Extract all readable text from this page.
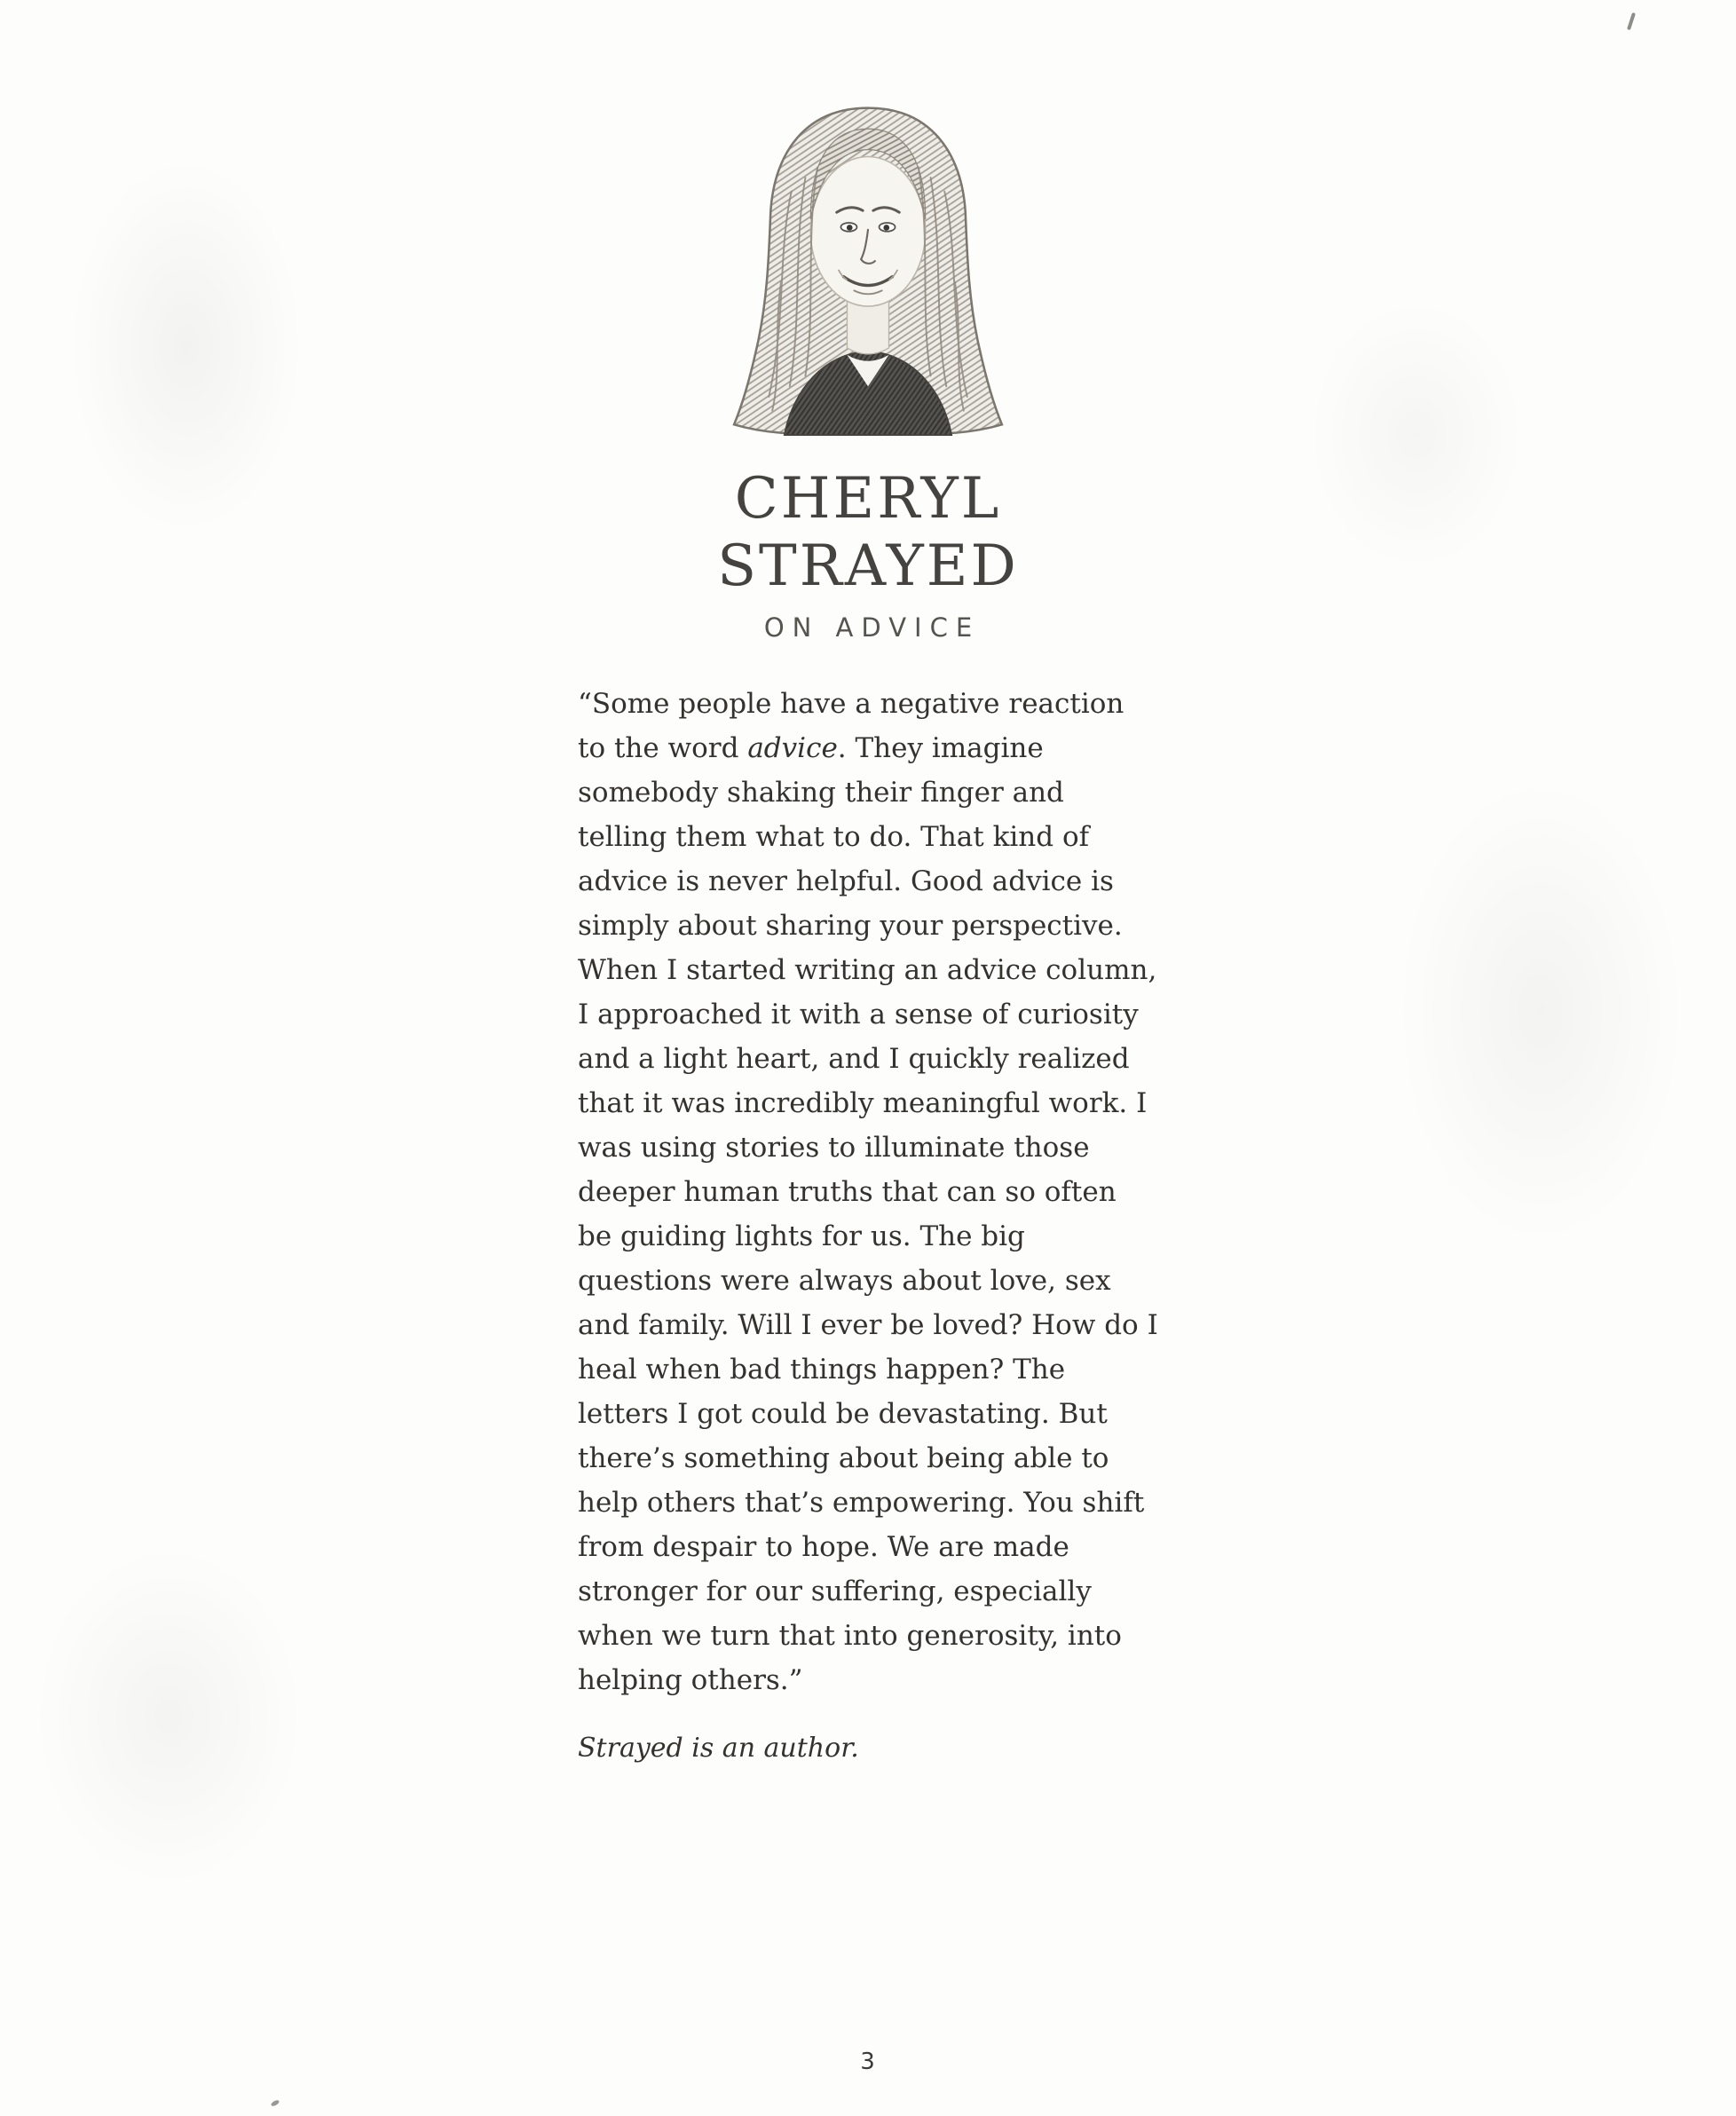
CHERYL
STRAYED
ON ADVICE

“Some people have a negative reaction to the word advice. They imagine somebody shaking their finger and telling them what to do. That kind of advice is never helpful. Good advice is simply about sharing your perspective. When I started writing an advice column, I approached it with a sense of curiosity and a light heart, and I quickly realized that it was incredibly meaningful work. I was using stories to illuminate those deeper human truths that can so often be guiding lights for us. The big questions were always about love, sex and family. Will I ever be loved? How do I heal when bad things happen? The letters I got could be devastating. But there’s something about being able to help others that’s empowering. You shift from despair to hope. We are made stronger for our suffering, especially when we turn that into generosity, into helping others.”

Strayed is an author.

3
